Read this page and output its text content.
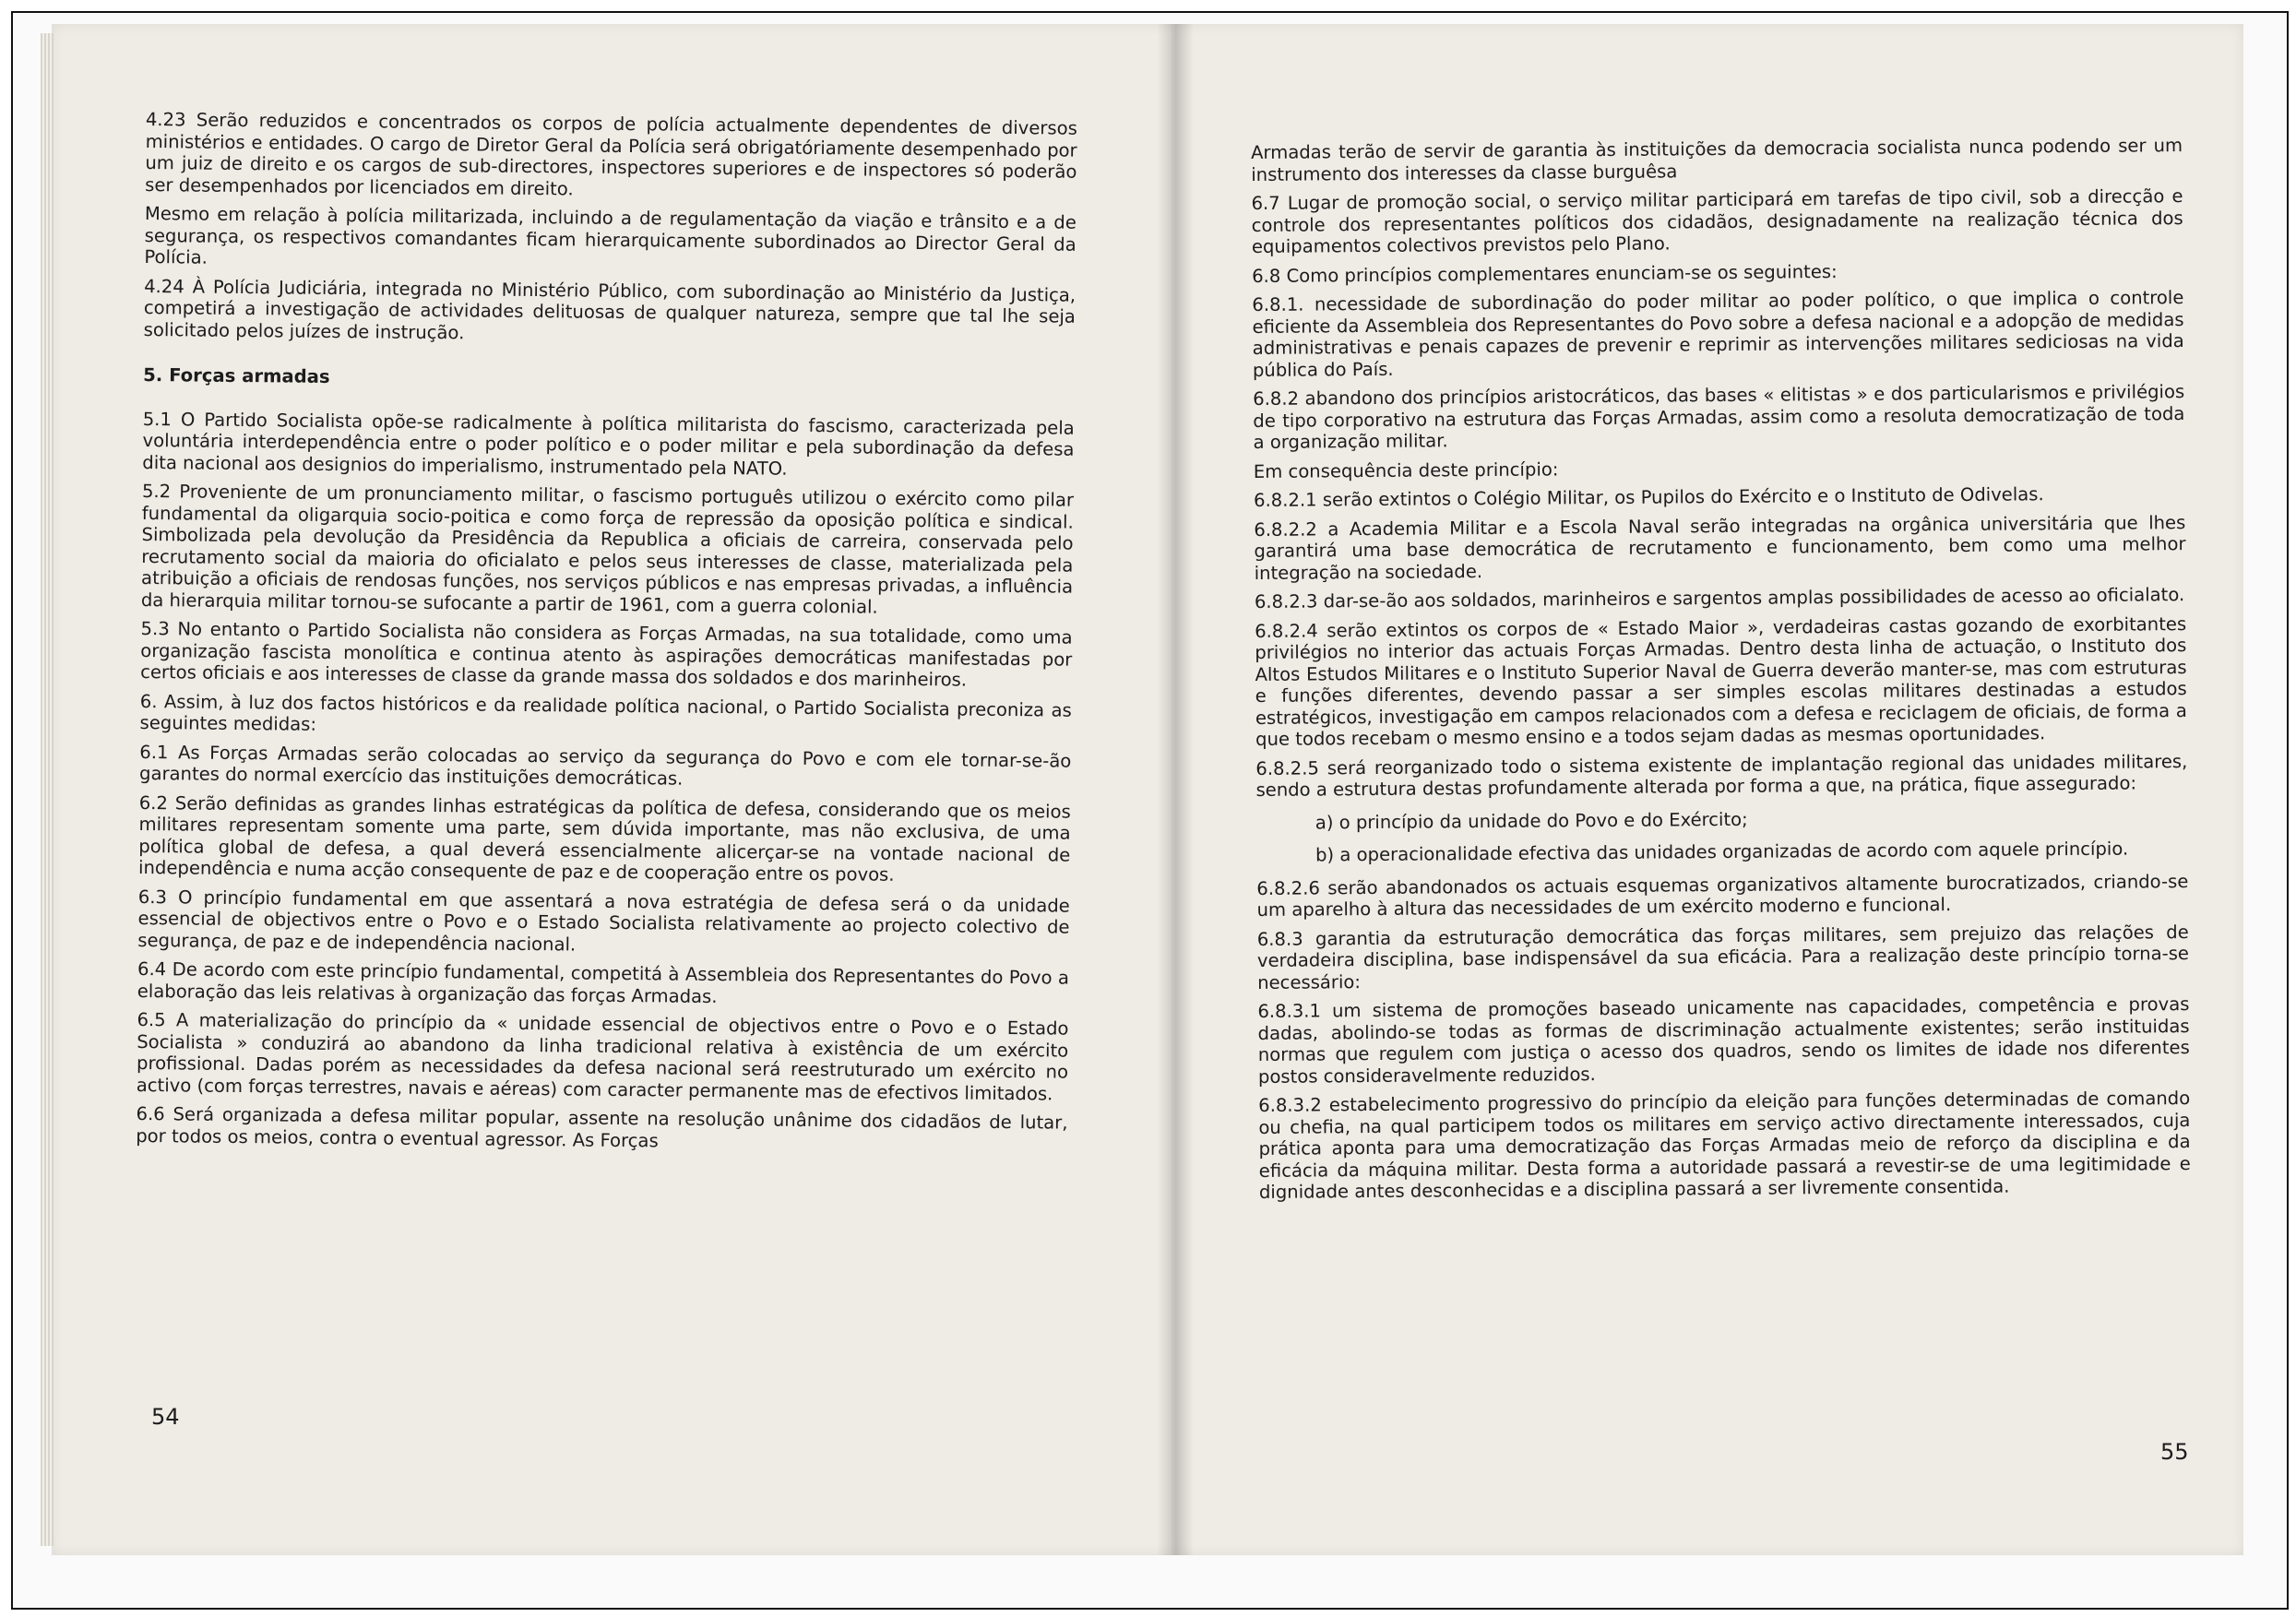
4.23 Serão reduzidos e concentrados os corpos de polícia actualmente dependentes de diversos ministérios e entidades. O cargo de Diretor Geral da Polícia será obrigatóriamente desempenhado por um juiz de direito e os cargos de sub-directores, inspectores superiores e de inspectores só poderão ser desempenhados por licenciados em direito.

Mesmo em relação à polícia militarizada, incluindo a de regulamentação da viação e trânsito e a de segurança, os respectivos comandantes ficam hierarquicamente subordinados ao Director Geral da Polícia.

4.24 À Polícia Judiciária, integrada no Ministério Público, com subordinação ao Ministério da Justiça, competirá a investigação de actividades delituosas de qualquer natureza, sempre que tal lhe seja solicitado pelos juízes de instrução.

5. Forças armadas

5.1 O Partido Socialista opõe-se radicalmente à política militarista do fascismo, caracterizada pela voluntária interdependência entre o poder político e o poder militar e pela subordinação da defesa dita nacional aos designios do imperialismo, instrumentado pela NATO.

5.2 Proveniente de um pronunciamento militar, o fascismo português utilizou o exército como pilar fundamental da oligarquia socio-poitica e como força de repressão da oposição política e sindical. Simbolizada pela devolução da Presidência da Republica a oficiais de carreira, conservada pelo recrutamento social da maioria do oficialato e pelos seus interesses de classe, materializada pela atribuição a oficiais de rendosas funções, nos serviços públicos e nas empresas privadas, a influência da hierarquia militar tornou-se sufocante a partir de 1961, com a guerra colonial.

5.3 No entanto o Partido Socialista não considera as Forças Armadas, na sua totalidade, como uma organização fascista monolítica e continua atento às aspirações democráticas manifestadas por certos oficiais e aos interesses de classe da grande massa dos soldados e dos marinheiros.

6. Assim, à luz dos factos históricos e da realidade política nacional, o Partido Socialista preconiza as seguintes medidas:

6.1 As Forças Armadas serão colocadas ao serviço da segurança do Povo e com ele tornar-se-ão garantes do normal exercício das instituições democráticas.

6.2 Serão definidas as grandes linhas estratégicas da política de defesa, considerando que os meios militares representam somente uma parte, sem dúvida importante, mas não exclusiva, de uma política global de defesa, a qual deverá essencialmente alicerçar-se na vontade nacional de independência e numa acção consequente de paz e de cooperação entre os povos.

6.3 O princípio fundamental em que assentará a nova estratégia de defesa será o da unidade essencial de objectivos entre o Povo e o Estado Socialista relativamente ao projecto colectivo de segurança, de paz e de independência nacional.

6.4 De acordo com este princípio fundamental, competitá à Assembleia dos Representantes do Povo a elaboração das leis relativas à organização das forças Armadas.

6.5 A materialização do princípio da « unidade essencial de objectivos entre o Povo e o Estado Socialista » conduzirá ao abandono da linha tradicional relativa à existência de um exército profissional. Dadas porém as necessidades da defesa nacional será reestruturado um exército no activo (com forças terrestres, navais e aéreas) com caracter permanente mas de efectivos limitados.

6.6 Será organizada a defesa militar popular, assente na resolução unânime dos cidadãos de lutar, por todos os meios, contra o eventual agressor. As Forças

54

Armadas terão de servir de garantia às instituições da democracia socialista nunca podendo ser um instrumento dos interesses da classe burguêsa

6.7 Lugar de promoção social, o serviço militar participará em tarefas de tipo civil, sob a direcção e controle dos representantes políticos dos cidadãos, designadamente na realização técnica dos equipamentos colectivos previstos pelo Plano.

6.8 Como princípios complementares enunciam-se os seguintes:

6.8.1. necessidade de subordinação do poder militar ao poder político, o que implica o controle eficiente da Assembleia dos Representantes do Povo sobre a defesa nacional e a adopção de medidas administrativas e penais capazes de prevenir e reprimir as intervenções militares sediciosas na vida pública do País.

6.8.2 abandono dos princípios aristocráticos, das bases « elitistas » e dos particularismos e privilégios de tipo corporativo na estrutura das Forças Armadas, assim como a resoluta democratização de toda a organização militar.

Em consequência deste princípio:

6.8.2.1 serão extintos o Colégio Militar, os Pupilos do Exército e o Instituto de Odivelas.

6.8.2.2 a Academia Militar e a Escola Naval serão integradas na orgânica universitária que lhes garantirá uma base democrática de recrutamento e funcionamento, bem como uma melhor integração na sociedade.

6.8.2.3 dar-se-ão aos soldados, marinheiros e sargentos amplas possibilidades de acesso ao oficialato.

6.8.2.4 serão extintos os corpos de « Estado Maior », verdadeiras castas gozando de exorbitantes privilégios no interior das actuais Forças Armadas. Dentro desta linha de actuação, o Instituto dos Altos Estudos Militares e o Instituto Superior Naval de Guerra deverão manter-se, mas com estruturas e funções diferentes, devendo passar a ser simples escolas militares destinadas a estudos estratégicos, investigação em campos relacionados com a defesa e reciclagem de oficiais, de forma a que todos recebam o mesmo ensino e a todos sejam dadas as mesmas oportunidades.

6.8.2.5 será reorganizado todo o sistema existente de implantação regional das unidades militares, sendo a estrutura destas profundamente alterada por forma a que, na prática, fique assegurado:

a) o princípio da unidade do Povo e do Exército;

b) a operacionalidade efectiva das unidades organizadas de acordo com aquele princípio.

6.8.2.6 serão abandonados os actuais esquemas organizativos altamente burocratizados, criando-se um aparelho à altura das necessidades de um exército moderno e funcional.

6.8.3 garantia da estruturação democrática das forças militares, sem prejuizo das relações de verdadeira disciplina, base indispensável da sua eficácia. Para a realização deste princípio torna-se necessário:

6.8.3.1 um sistema de promoções baseado unicamente nas capacidades, competência e provas dadas, abolindo-se todas as formas de discriminação actualmente existentes; serão instituidas normas que regulem com justiça o acesso dos quadros, sendo os limites de idade nos diferentes postos consideravelmente reduzidos.

6.8.3.2 estabelecimento progressivo do princípio da eleição para funções determinadas de comando ou chefia, na qual participem todos os militares em serviço activo directamente interessados, cuja prática aponta para uma democratização das Forças Armadas meio de reforço da disciplina e da eficácia da máquina militar. Desta forma a autoridade passará a revestir-se de uma legitimidade e dignidade antes desconhecidas e a disciplina passará a ser livremente consentida.

55
